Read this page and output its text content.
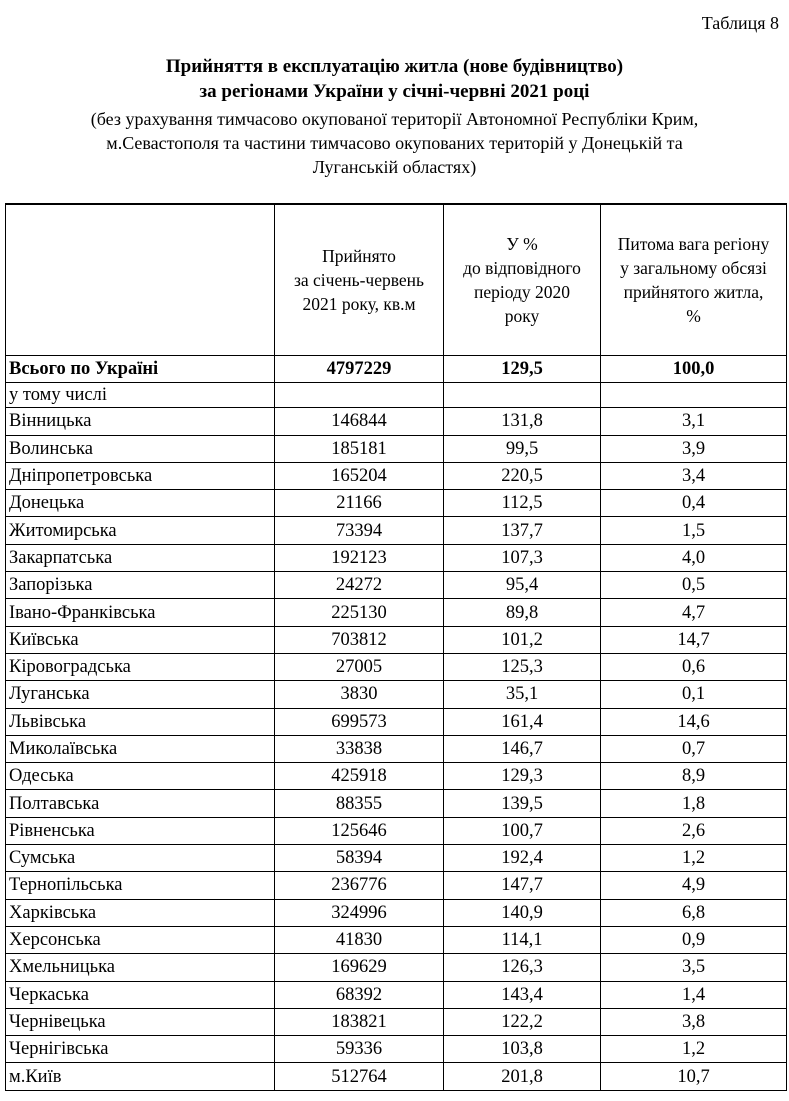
Таблиця 8
Прийняття в експлуатацію житла (нове будівництво)
за регіонами України у січні-червні 2021 році
(без урахування тимчасово окупованої території Автономної Республіки Крим,
м.Севастополя та частини тимчасово окупованих територій у Донецькій та
Луганській областях)

	Прийнято
за січень-червень
2021 року, кв.м	У %
до відповідного
періоду 2020
року	Питома вага регіону
у загальному обсязі
прийнятого житла,
%

Всього по Україні	4797229	129,5	100,0
у тому числі			
Вінницька	146844	131,8	3,1
Волинська	185181	99,5	3,9
Дніпропетровська	165204	220,5	3,4
Донецька	21166	112,5	0,4
Житомирська	73394	137,7	1,5
Закарпатська	192123	107,3	4,0
Запорізька	24272	95,4	0,5
Івано-Франківська	225130	89,8	4,7
Київська	703812	101,2	14,7
Кіровоградська	27005	125,3	0,6
Луганська	3830	35,1	0,1
Львівська	699573	161,4	14,6
Миколаївська	33838	146,7	0,7
Одеська	425918	129,3	8,9
Полтавська	88355	139,5	1,8
Рівненська	125646	100,7	2,6
Сумська	58394	192,4	1,2
Тернопільська	236776	147,7	4,9
Харківська	324996	140,9	6,8
Херсонська	41830	114,1	0,9
Хмельницька	169629	126,3	3,5
Черкаська	68392	143,4	1,4
Чернівецька	183821	122,2	3,8
Чернігівська	59336	103,8	1,2
м.Київ	512764	201,8	10,7
